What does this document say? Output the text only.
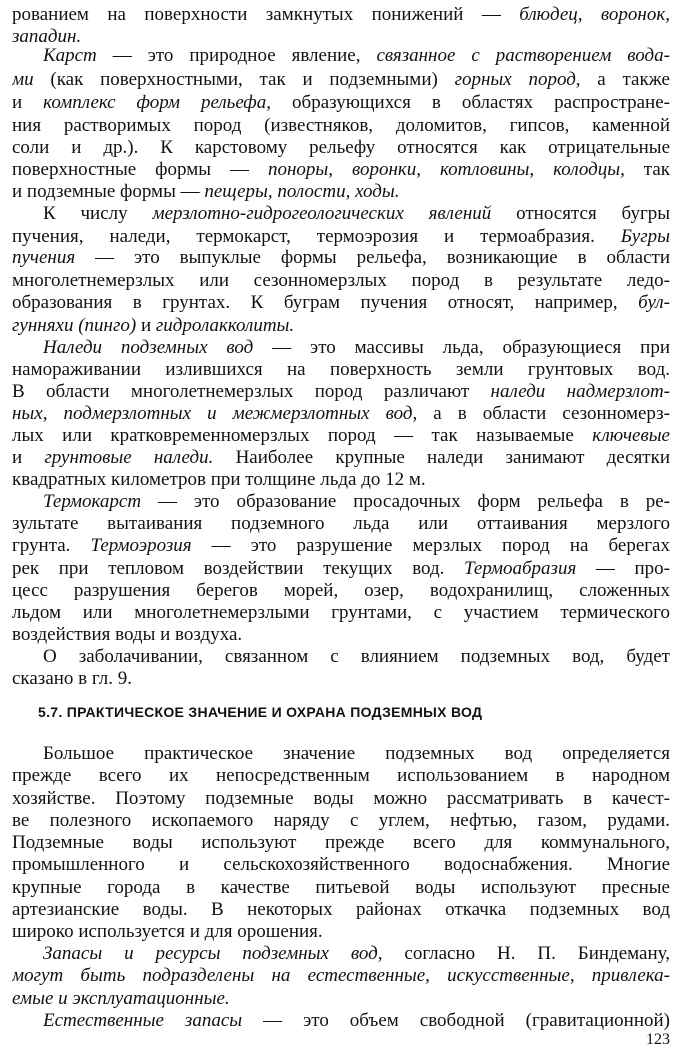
рованием на поверхности замкнутых понижений — блюдец, воронок,
западин.
Карст — это природное явление, связанное с растворением вода-
ми (как поверхностными, так и подземными) горных пород, а также
и комплекс форм рельефа, образующихся в областях распростране-
ния растворимых пород (известняков, доломитов, гипсов, каменной
соли и др.). К карстовому рельефу относятся как отрицательные
поверхностные формы — поноры, воронки, котловины, колодцы, так
и подземные формы — пещеры, полости, ходы.
К числу мерзлотно-гидрогеологических явлений относятся бугры
пучения, наледи, термокарст, термоэрозия и термоабразия. Бугры
пучения — это выпуклые формы рельефа, возникающие в области
многолетнемерзлых или сезонномерзлых пород в результате ледо-
образования в грунтах. К буграм пучения относят, например, бул-
гунняхи (пинго) и гидролакколиты.
Наледи подземных вод — это массивы льда, образующиеся при
намораживании излившихся на поверхность земли грунтовых вод.
В области многолетнемерзлых пород различают наледи надмерзлот-
ных, подмерзлотных и межмерзлотных вод, а в области сезонномерз-
лых или кратковременномерзлых пород — так называемые ключевые
и грунтовые наледи. Наиболее крупные наледи занимают десятки
квадратных километров при толщине льда до 12 м.
Термокарст — это образование просадочных форм рельефа в ре-
зультате вытаивания подземного льда или оттаивания мерзлого
грунта. Термоэрозия — это разрушение мерзлых пород на берегах
рек при тепловом воздействии текущих вод. Термоабразия — про-
цесс разрушения берегов морей, озер, водохранилищ, сложенных
льдом или многолетнемерзлыми грунтами, с участием термического
воздействия воды и воздуха.
О заболачивании, связанном с влиянием подземных вод, будет
сказано в гл. 9.
Большое практическое значение подземных вод определяется
прежде всего их непосредственным использованием в народном
хозяйстве. Поэтому подземные воды можно рассматривать в качест-
ве полезного ископаемого наряду с углем, нефтью, газом, рудами.
Подземные воды используют прежде всего для коммунального,
промышленного и сельскохозяйственного водоснабжения. Многие
крупные города в качестве питьевой воды используют пресные
артезианские воды. В некоторых районах откачка подземных вод
широко используется и для орошения.
Запасы и ресурсы подземных вод, согласно Н. П. Биндеману,
могут быть подразделены на естественные, искусственные, привлека-
емые и эксплуатационные.
Естественные запасы — это объем свободной (гравитационной)
5.7. ПРАКТИЧЕСКОЕ ЗНАЧЕНИЕ И ОХРАНА ПОДЗЕМНЫХ ВОД
123
